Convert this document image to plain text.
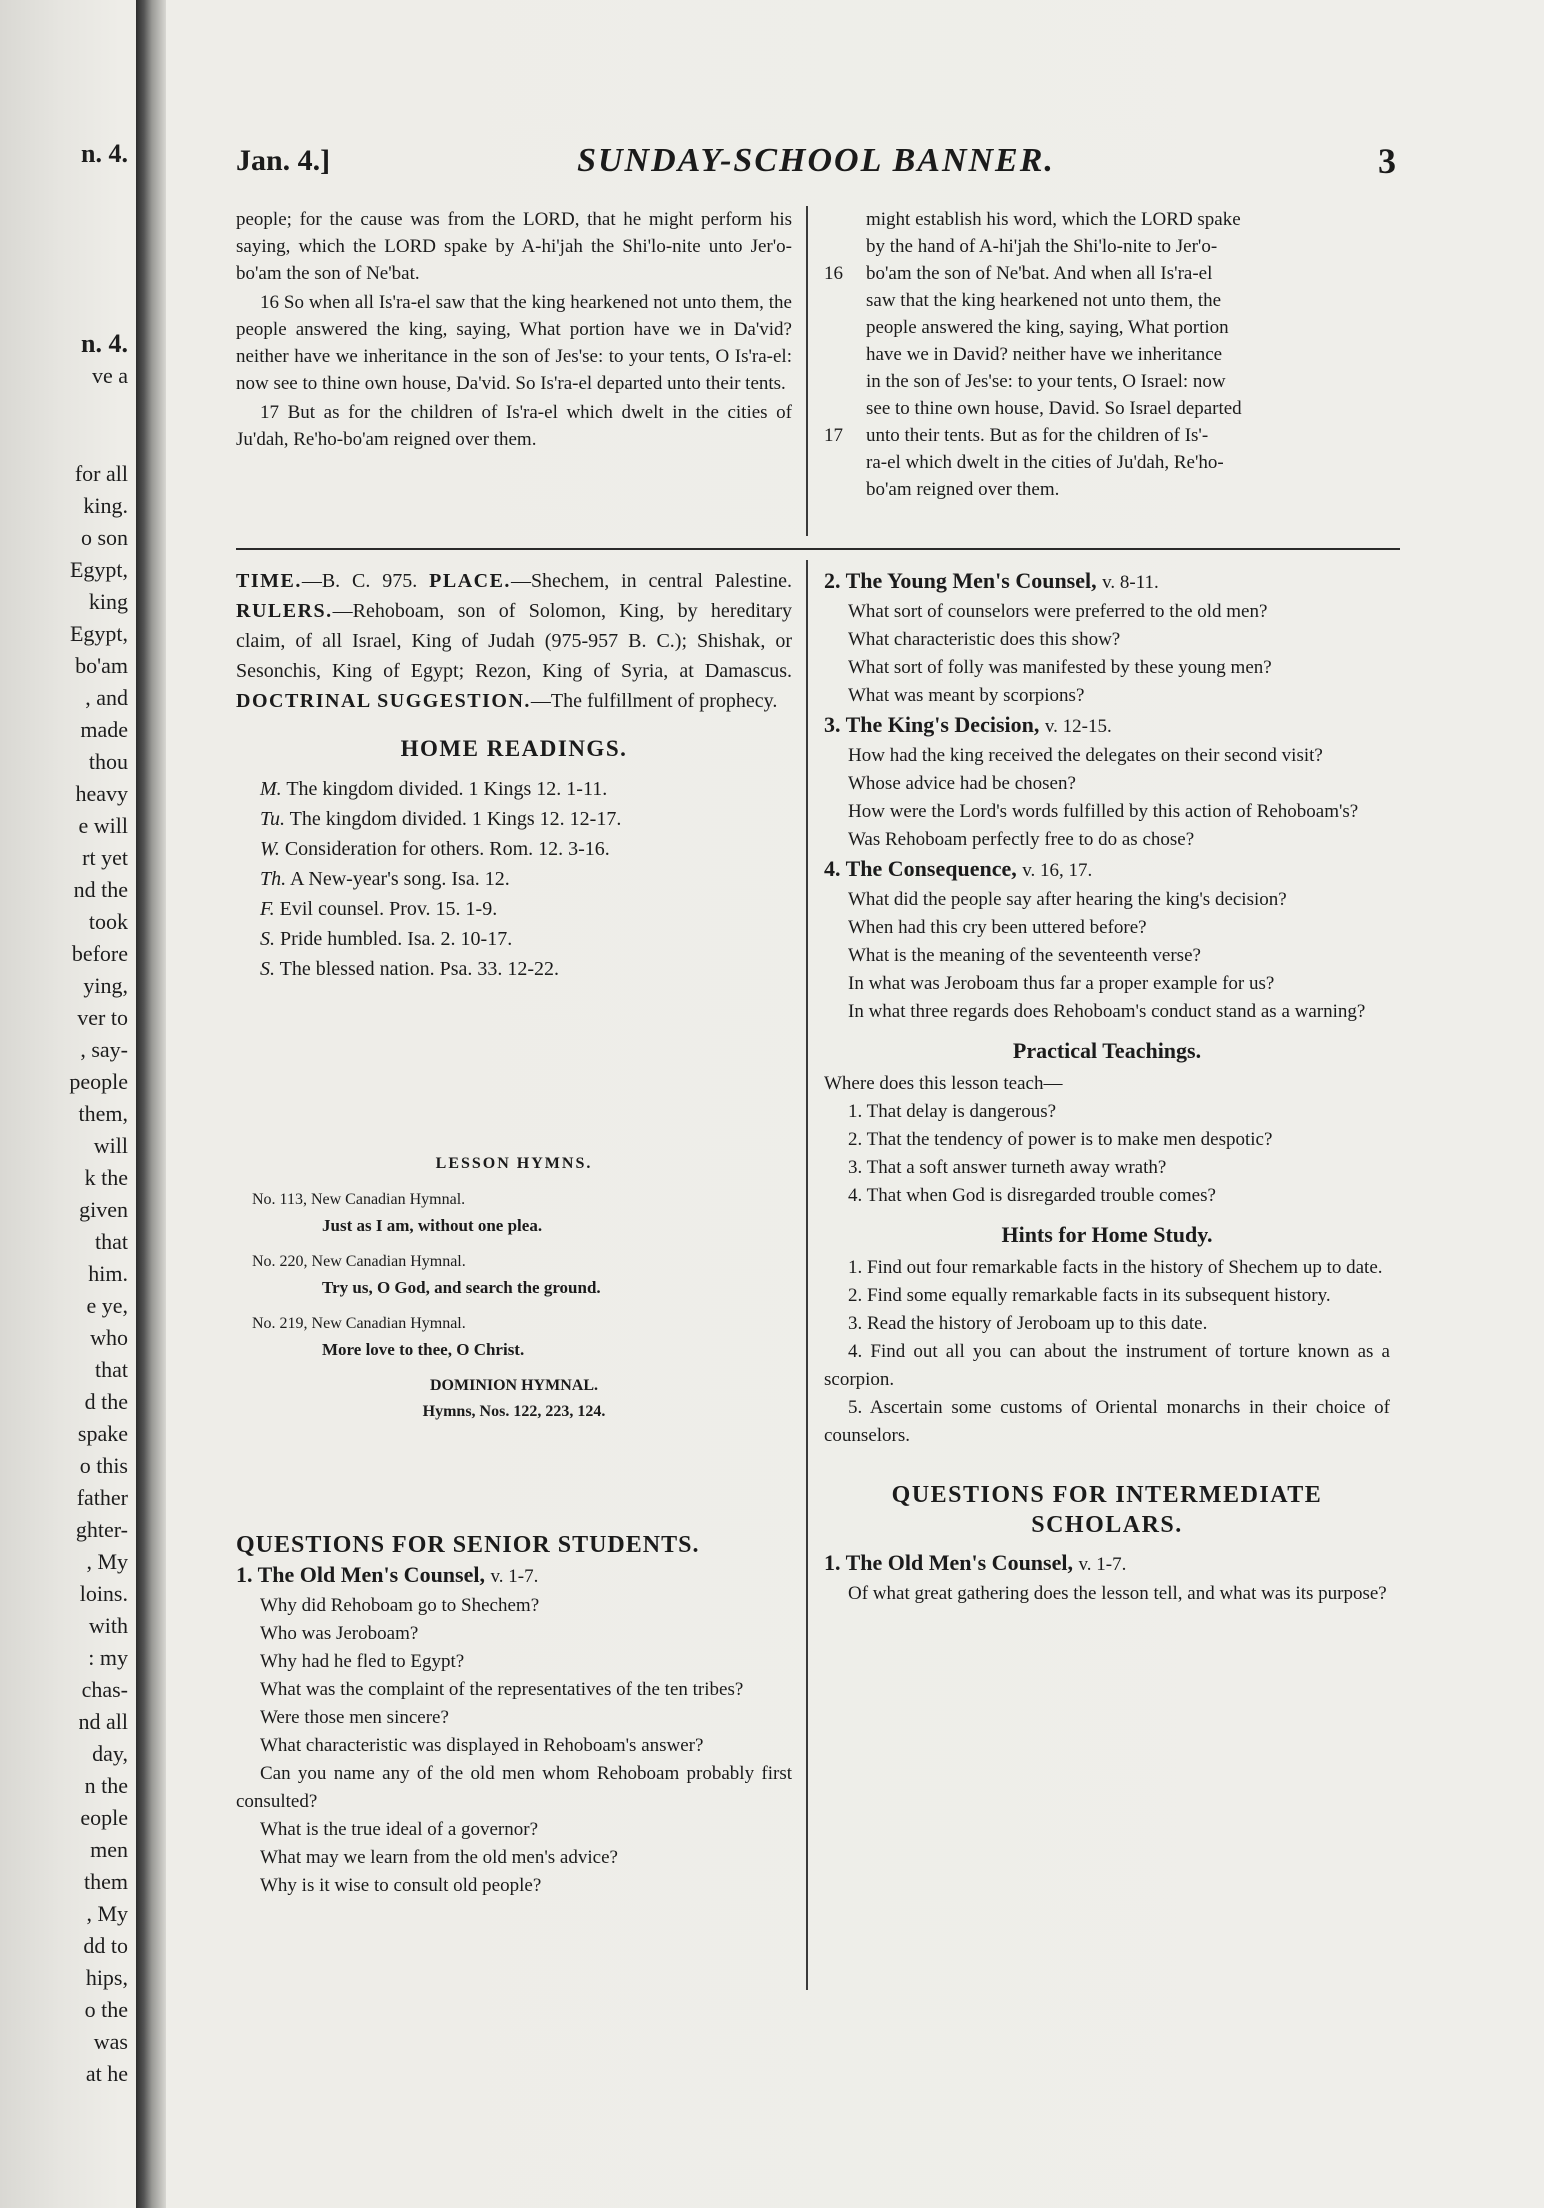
n. 4.
n. 4.
ve a
for all
king.
o son
Egypt,
king
Egypt,
bo'am
, and
made
thou
heavy
e will
rt yet
nd the
took
before
ying,
ver to
, say-
people
them,
will
k the
given
that
him.
e ye,
who
that
d the
spake
o this
father
ghter-
, My
loins.
with
: my
chas-
nd all
day,
n the
eople
men
them
, My
dd to
hips,
o the
was
at he
Jan. 4.]	SUNDAY-SCHOOL BANNER.	3

people; for the cause was from the LORD, that he might perform his saying, which the LORD spake by A-hi'jah the Shi'lo-nite unto Jer'o-bo'am the son of Ne'bat.

16 So when all Is'ra-el saw that the king hearkened not unto them, the people answered the king, saying, What portion have we in Da'vid? neither have we inheritance in the son of Jes'se: to your tents, O Is'ra-el: now see to thine own house, Da'vid. So Is'ra-el departed unto their tents.

17 But as for the children of Is'ra-el which dwelt in the cities of Ju'dah, Re'ho-bo'am reigned over them.

might establish his word, which the LORD spake
by the hand of A-hi'jah the Shi'lo-nite to Jer'o-
16 bo'am the son of Ne'bat. And when all Is'ra-el
saw that the king hearkened not unto them, the
people answered the king, saying, What portion
have we in David? neither have we inheritance
in the son of Jes'se: to your tents, O Israel: now
see to thine own house, David. So Israel departed
17 unto their tents. But as for the children of Is'-
ra-el which dwelt in the cities of Ju'dah, Re'ho-
bo'am reigned over them.

TIME.—B. C. 975. PLACE.—Shechem, in central Palestine. RULERS.—Rehoboam, son of Solomon, King, by hereditary claim, of all Israel, King of Judah (975-957 B. C.); Shishak, or Sesonchis, King of Egypt; Rezon, King of Syria, at Damascus. DOCTRINAL SUGGESTION.—The fulfillment of prophecy.

HOME READINGS.
M. The kingdom divided. 1 Kings 12. 1-11.
Tu. The kingdom divided. 1 Kings 12. 12-17.
W. Consideration for others. Rom. 12. 3-16.
Th. A New-year's song. Isa. 12.
F. Evil counsel. Prov. 15. 1-9.
S. Pride humbled. Isa. 2. 10-17.
S. The blessed nation. Psa. 33. 12-22.
LESSON HYMNS.
No. 113, New Canadian Hymnal.
Just as I am, without one plea.
No. 220, New Canadian Hymnal.
Try us, O God, and search the ground.
No. 219, New Canadian Hymnal.
More love to thee, O Christ.
DOMINION HYMNAL.
Hymns, Nos. 122, 223, 124.
QUESTIONS FOR SENIOR STUDENTS.
1. The Old Men's Counsel, v. 1-7.
Why did Rehoboam go to Shechem?
Who was Jeroboam?
Why had he fled to Egypt?
What was the complaint of the representatives of the ten tribes?
Were those men sincere?
What characteristic was displayed in Rehoboam's answer?
Can you name any of the old men whom Rehoboam probably first consulted?
What is the true ideal of a governor?
What may we learn from the old men's advice?
Why is it wise to consult old people?
2. The Young Men's Counsel, v. 8-11.
What sort of counselors were preferred to the old men?
What characteristic does this show?
What sort of folly was manifested by these young men?
What was meant by scorpions?
3. The King's Decision, v. 12-15.
How had the king received the delegates on their second visit?
Whose advice had be chosen?
How were the Lord's words fulfilled by this action of Rehoboam's?
Was Rehoboam perfectly free to do as chose?
4. The Consequence, v. 16, 17.
What did the people say after hearing the king's decision?
When had this cry been uttered before?
What is the meaning of the seventeenth verse?
In what was Jeroboam thus far a proper example for us?
In what three regards does Rehoboam's conduct stand as a warning?
Practical Teachings.
Where does this lesson teach—
1. That delay is dangerous?
2. That the tendency of power is to make men despotic?
3. That a soft answer turneth away wrath?
4. That when God is disregarded trouble comes?
Hints for Home Study.
1. Find out four remarkable facts in the history of Shechem up to date.
2. Find some equally remarkable facts in its subsequent history.
3. Read the history of Jeroboam up to this date.
4. Find out all you can about the instrument of torture known as a scorpion.
5. Ascertain some customs of Oriental monarchs in their choice of counselors.
QUESTIONS FOR INTERMEDIATE
SCHOLARS.
1. The Old Men's Counsel, v. 1-7.
Of what great gathering does the lesson tell, and what was its purpose?
